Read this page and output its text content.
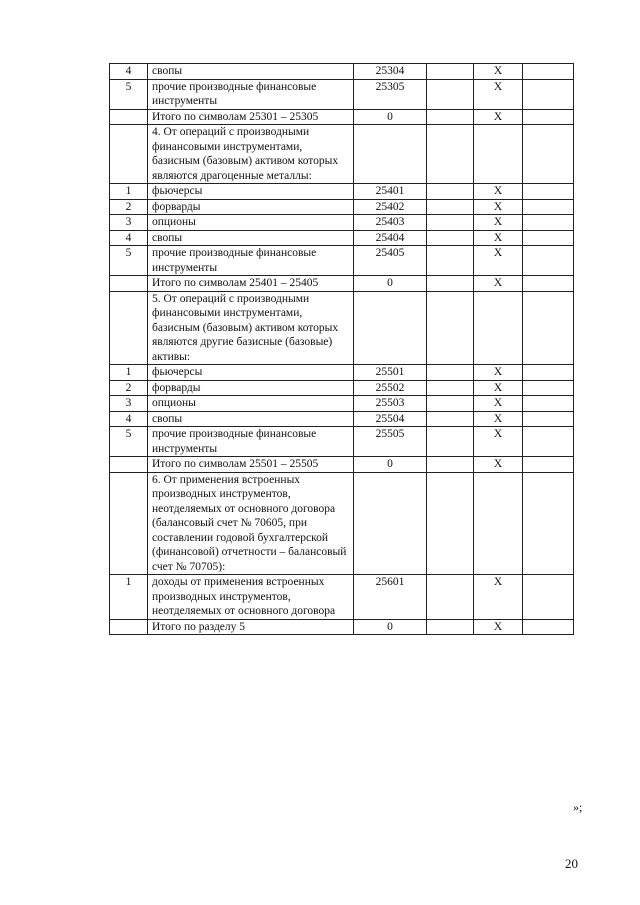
4	свопы	25304		Х	
5	прочие производные финансовые инструменты	25305		Х	
	Итого по символам 25301 – 25305	0		Х	
	4. От операций с производными финансовыми инструментами, базисным (базовым) активом которых являются драгоценные металлы:				
1	фьючерсы	25401		Х	
2	форварды	25402		Х	
3	опционы	25403		Х	
4	свопы	25404		Х	
5	прочие производные финансовые инструменты	25405		Х	
	Итого по символам 25401 – 25405	0		Х	
	5. От операций с производными финансовыми инструментами, базисным (базовым) активом которых являются другие базисные (базовые) активы:				
1	фьючерсы	25501		Х	
2	форварды	25502		Х	
3	опционы	25503		Х	
4	свопы	25504		Х	
5	прочие производные финансовые инструменты	25505		Х	
	Итого по символам 25501 – 25505	0		Х	
	6. От применения встроенных производных инструментов, неотделяемых от основного договора (балансовый счет № 70605, при составлении годовой бухгалтерской (финансовой) отчетности – балансовый счет № 70705):				
1	доходы от применения встроенных производных инструментов, неотделяемых от основного договора	25601		Х	
	Итого по разделу 5	0		Х	
»;
20
